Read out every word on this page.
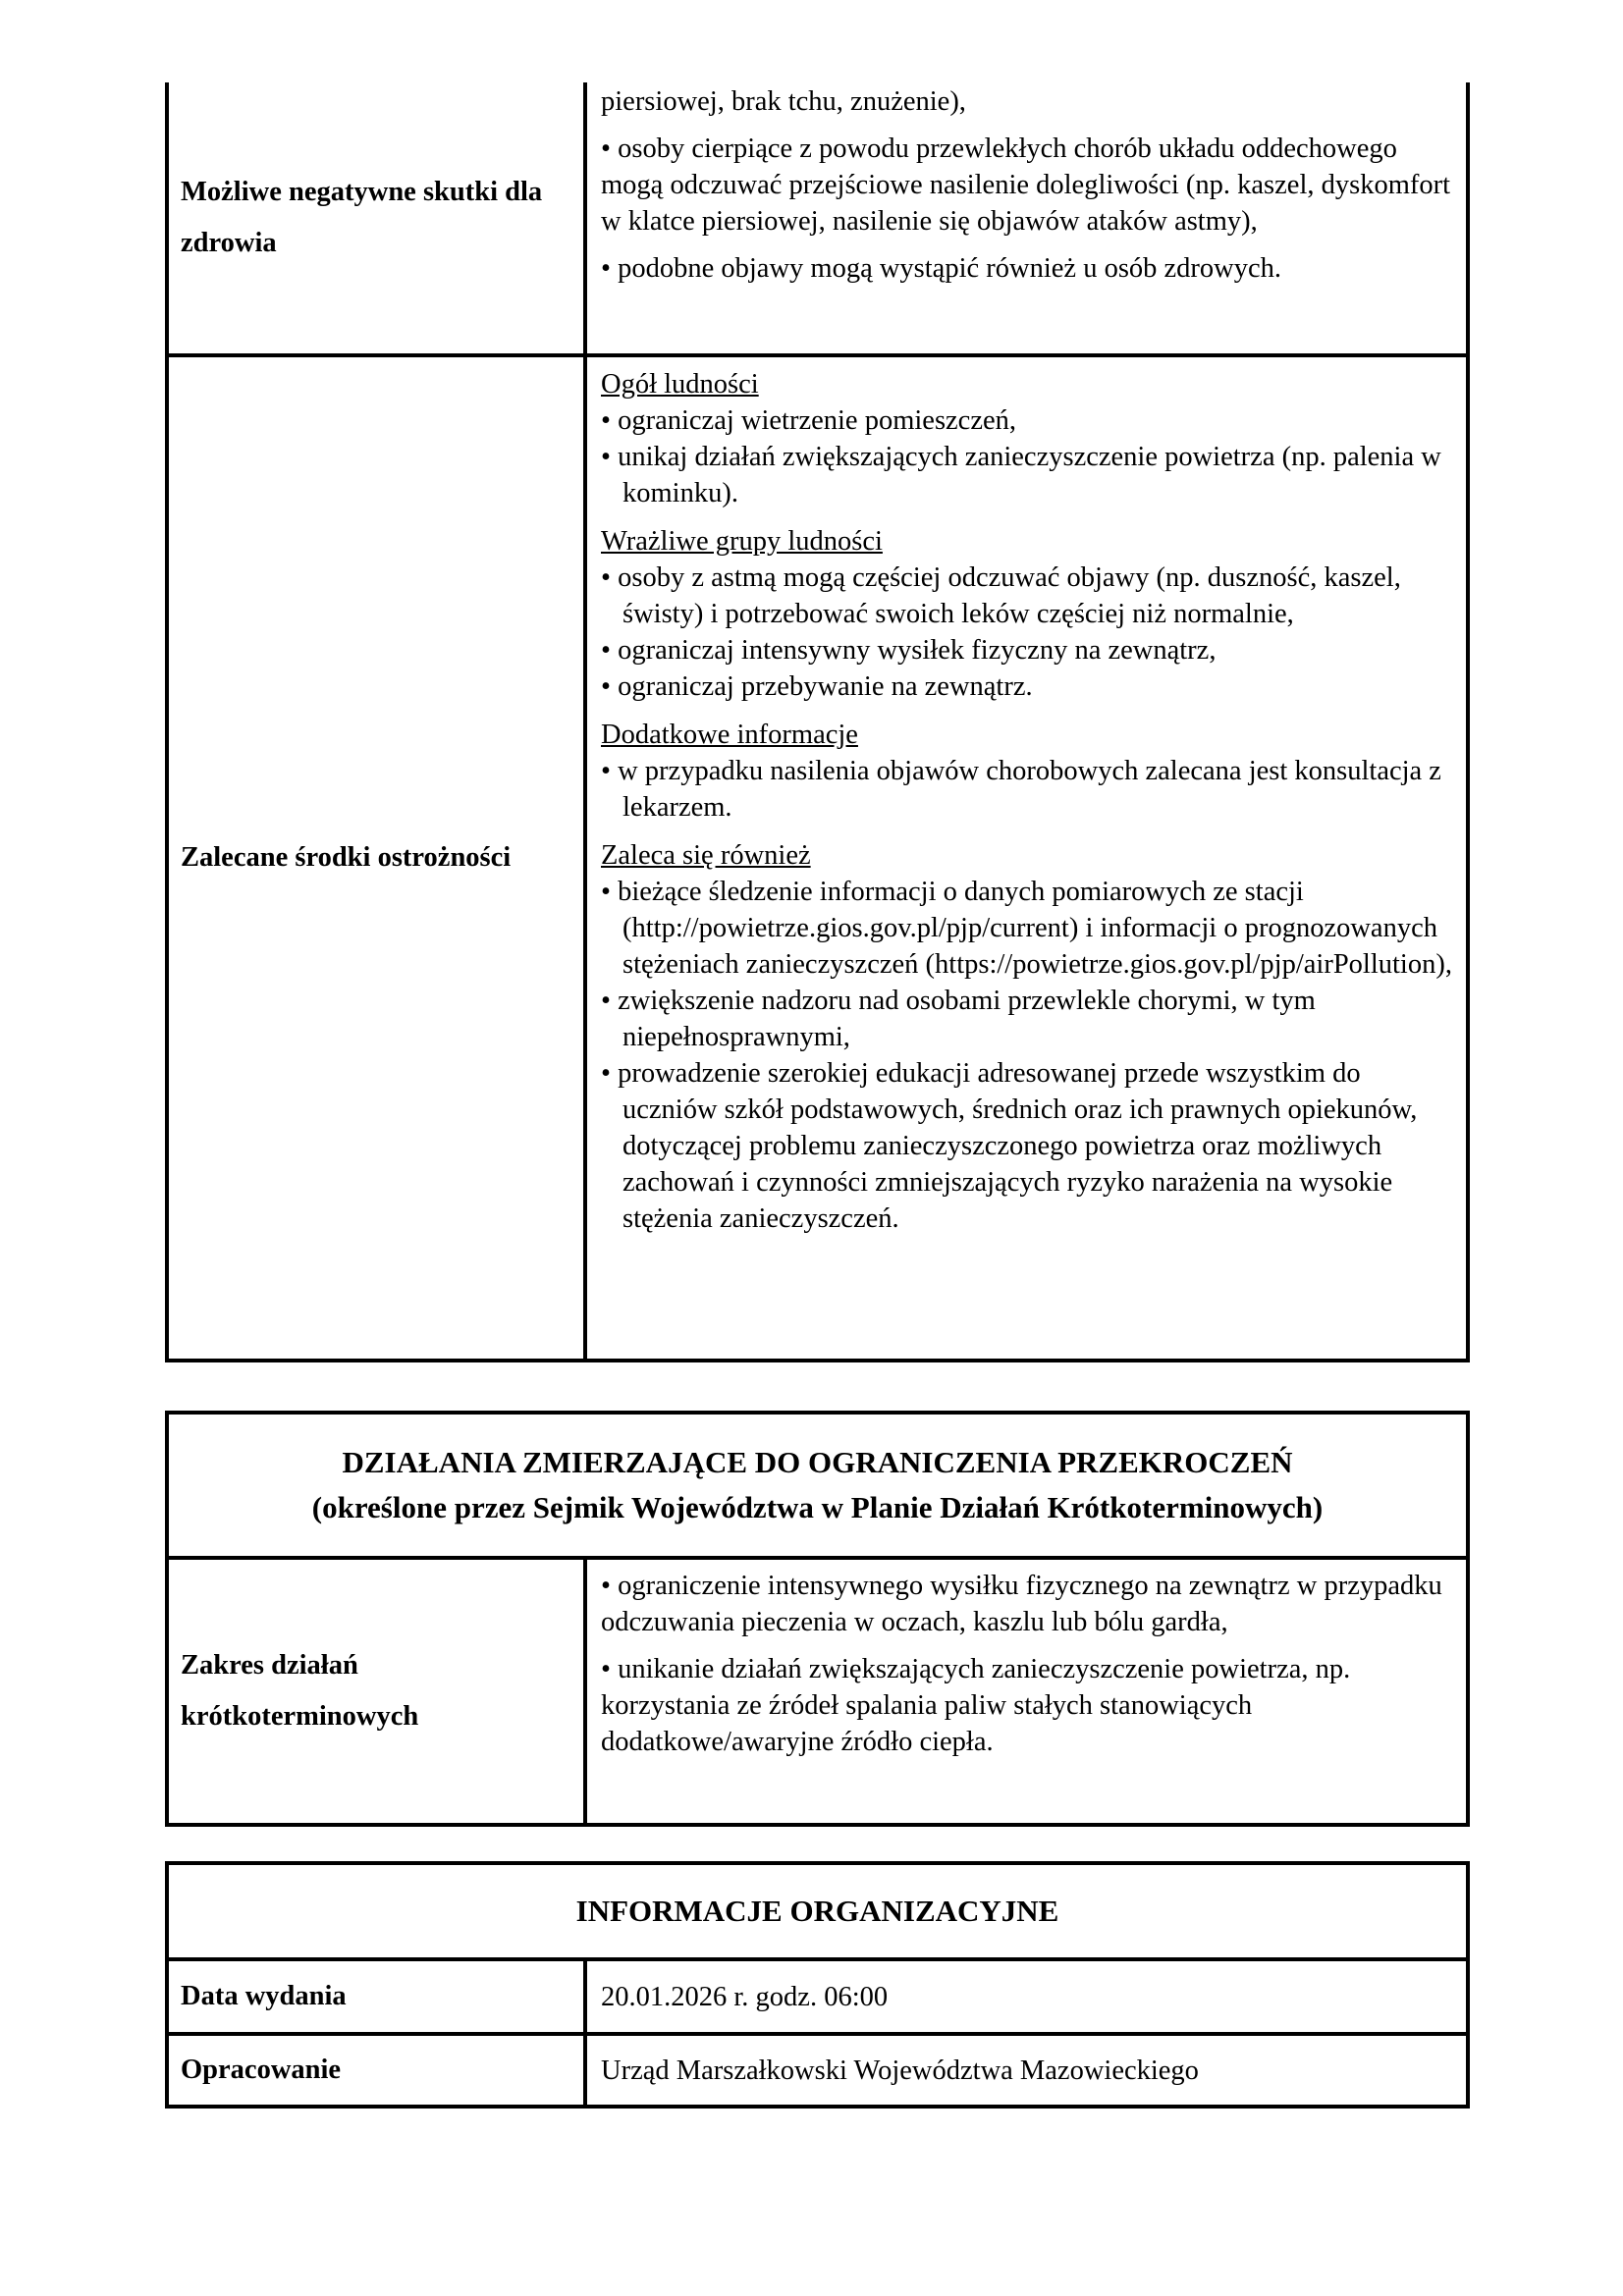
Możliwe negatywne skutki dla zdrowia

piersiowej, brak tchu, znużenie),

• osoby cierpiące z powodu przewlekłych chorób układu oddechowego mogą odczuwać przejściowe nasilenie dolegliwości (np. kaszel, dyskomfort w klatce piersiowej, nasilenie się objawów ataków astmy),

• podobne objawy mogą wystąpić również u osób zdrowych.

Zalecane środki ostrożności

Ogół ludności

• ograniczaj wietrzenie pomieszczeń,

• unikaj działań zwiększających zanieczyszczenie powietrza (np. palenia w kominku).

Wrażliwe grupy ludności

• osoby z astmą mogą częściej odczuwać objawy (np. duszność, kaszel, świsty) i potrzebować swoich leków częściej niż normalnie,

• ograniczaj intensywny wysiłek fizyczny na zewnątrz,

• ograniczaj przebywanie na zewnątrz.

Dodatkowe informacje

• w przypadku nasilenia objawów chorobowych zalecana jest konsultacja z lekarzem.

Zaleca się również

• bieżące śledzenie informacji o danych pomiarowych ze stacji (http://powietrze.gios.gov.pl/pjp/current) i informacji o prognozowanych stężeniach zanieczyszczeń (https://powietrze.gios.gov.pl/pjp/airPollution),

• zwiększenie nadzoru nad osobami przewlekle chorymi, w tym niepełnosprawnymi,

• prowadzenie szerokiej edukacji adresowanej przede wszystkim do uczniów szkół podstawowych, średnich oraz ich prawnych opiekunów, dotyczącej problemu zanieczyszczonego powietrza oraz możliwych zachowań i czynności zmniejszających ryzyko narażenia na wysokie stężenia zanieczyszczeń.

DZIAŁANIA ZMIERZAJĄCE DO OGRANICZENIA PRZEKROCZEŃ
(określone przez Sejmik Województwa w Planie Działań Krótkoterminowych)
Zakres działań krótkoterminowych

• ograniczenie intensywnego wysiłku fizycznego na zewnątrz w przypadku odczuwania pieczenia w oczach, kaszlu lub bólu gardła,

• unikanie działań zwiększających zanieczyszczenie powietrza, np. korzystania ze źródeł spalania paliw stałych stanowiących dodatkowe/awaryjne źródło ciepła.

INFORMACJE ORGANIZACYJNE
Data wydania	20.01.2026 r. godz. 06:00
Opracowanie	Urząd Marszałkowski Województwa Mazowieckiego
